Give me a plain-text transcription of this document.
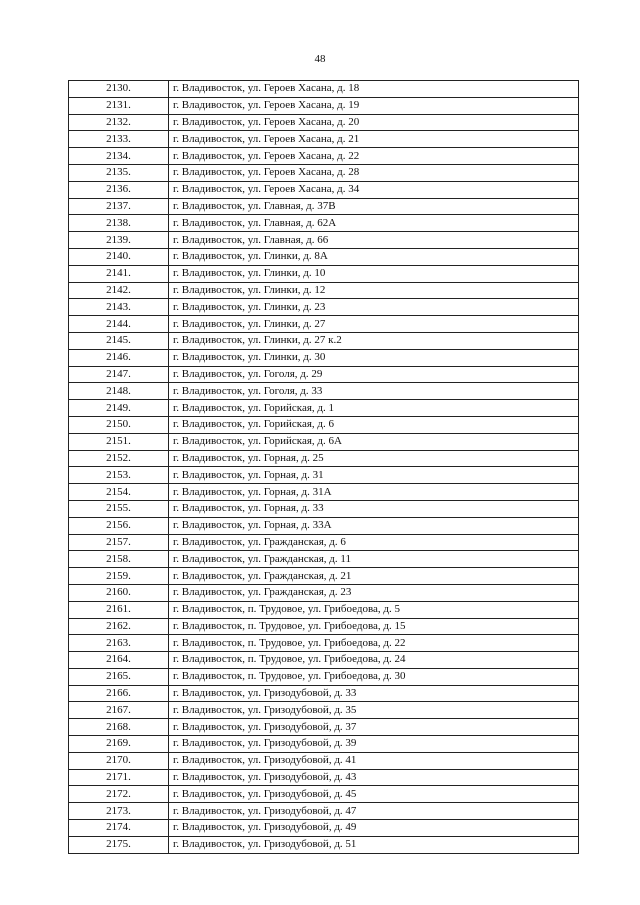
48
2130.	г. Владивосток, ул. Героев Хасана, д. 18
2131.	г. Владивосток, ул. Героев Хасана, д. 19
2132.	г. Владивосток, ул. Героев Хасана, д. 20
2133.	г. Владивосток, ул. Героев Хасана, д. 21
2134.	г. Владивосток, ул. Героев Хасана, д. 22
2135.	г. Владивосток, ул. Героев Хасана, д. 28
2136.	г. Владивосток, ул. Героев Хасана, д. 34
2137.	г. Владивосток, ул. Главная, д. 37В
2138.	г. Владивосток, ул. Главная, д. 62А
2139.	г. Владивосток, ул. Главная, д. 66
2140.	г. Владивосток, ул. Глинки, д. 8А
2141.	г. Владивосток, ул. Глинки, д. 10
2142.	г. Владивосток, ул. Глинки, д. 12
2143.	г. Владивосток, ул. Глинки, д. 23
2144.	г. Владивосток, ул. Глинки, д. 27
2145.	г. Владивосток, ул. Глинки, д. 27 к.2
2146.	г. Владивосток, ул. Глинки, д. 30
2147.	г. Владивосток, ул. Гоголя, д. 29
2148.	г. Владивосток, ул. Гоголя, д. 33
2149.	г. Владивосток, ул. Горийская, д. 1
2150.	г. Владивосток, ул. Горийская, д. 6
2151.	г. Владивосток, ул. Горийская, д. 6А
2152.	г. Владивосток, ул. Горная, д. 25
2153.	г. Владивосток, ул. Горная, д. 31
2154.	г. Владивосток, ул. Горная, д. 31А
2155.	г. Владивосток, ул. Горная, д. 33
2156.	г. Владивосток, ул. Горная, д. 33А
2157.	г. Владивосток, ул. Гражданская, д. 6
2158.	г. Владивосток, ул. Гражданская, д. 11
2159.	г. Владивосток, ул. Гражданская, д. 21
2160.	г. Владивосток, ул. Гражданская, д. 23
2161.	г. Владивосток, п. Трудовое, ул. Грибоедова, д. 5
2162.	г. Владивосток, п. Трудовое, ул. Грибоедова, д. 15
2163.	г. Владивосток, п. Трудовое, ул. Грибоедова, д. 22
2164.	г. Владивосток, п. Трудовое, ул. Грибоедова, д. 24
2165.	г. Владивосток, п. Трудовое, ул. Грибоедова, д. 30
2166.	г. Владивосток, ул. Гризодубовой, д. 33
2167.	г. Владивосток, ул. Гризодубовой, д. 35
2168.	г. Владивосток, ул. Гризодубовой, д. 37
2169.	г. Владивосток, ул. Гризодубовой, д. 39
2170.	г. Владивосток, ул. Гризодубовой, д. 41
2171.	г. Владивосток, ул. Гризодубовой, д. 43
2172.	г. Владивосток, ул. Гризодубовой, д. 45
2173.	г. Владивосток, ул. Гризодубовой, д. 47
2174.	г. Владивосток, ул. Гризодубовой, д. 49
2175.	г. Владивосток, ул. Гризодубовой, д. 51
